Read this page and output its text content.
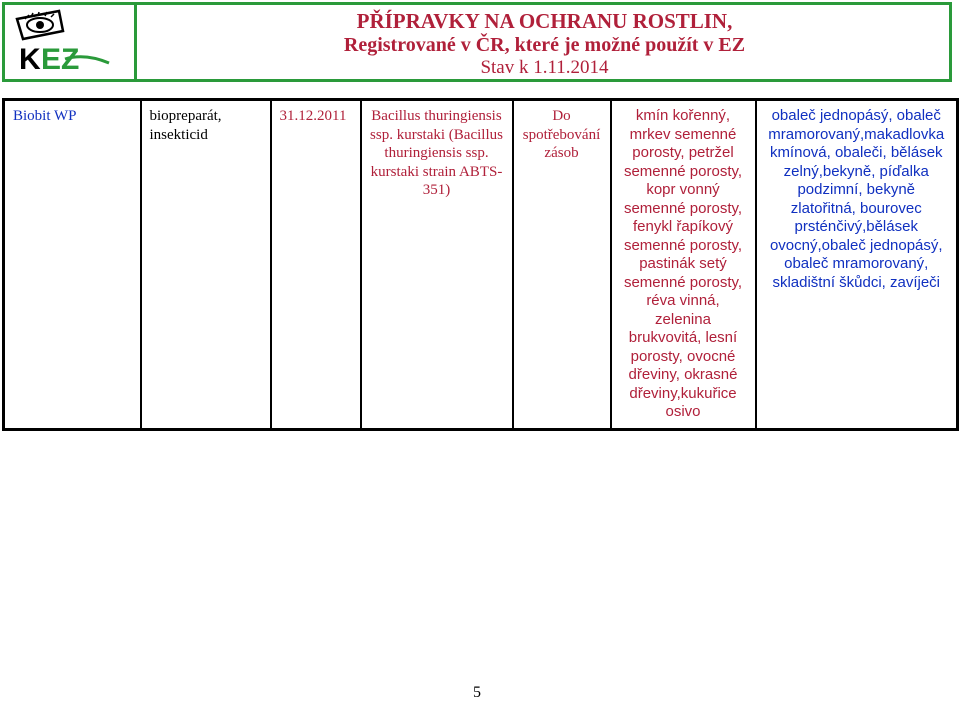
K EZ
PŘÍPRAVKY NA OCHRANU ROSTLIN,
Registrované v ČR, které je možné použít v EZ
Stav k 1.11.2014
Biobit WP	biopreparát, insekticid	31.12.2011	Bacillus thuringiensis ssp. kurstaki (Bacillus thuringiensis ssp. kurstaki strain ABTS-351)	Do spotřebování zásob	kmín kořenný, mrkev semenné porosty, petržel semenné porosty, kopr vonný semenné porosty, fenykl řapíkový semenné porosty, pastinák setý semenné porosty, réva vinná, zelenina brukvovitá, lesní porosty, ovocné dřeviny, okrasné dřeviny,kukuřice osivo	obaleč jednopásý, obaleč mramorovaný,makadlovka kmínová, obaleči, bělásek zelný,bekyně, píďalka podzimní, bekyně zlatořitná, bourovec prsténčivý,bělásek ovocný,obaleč jednopásý, obaleč mramorovaný, skladištní škůdci, zavíječi
5
